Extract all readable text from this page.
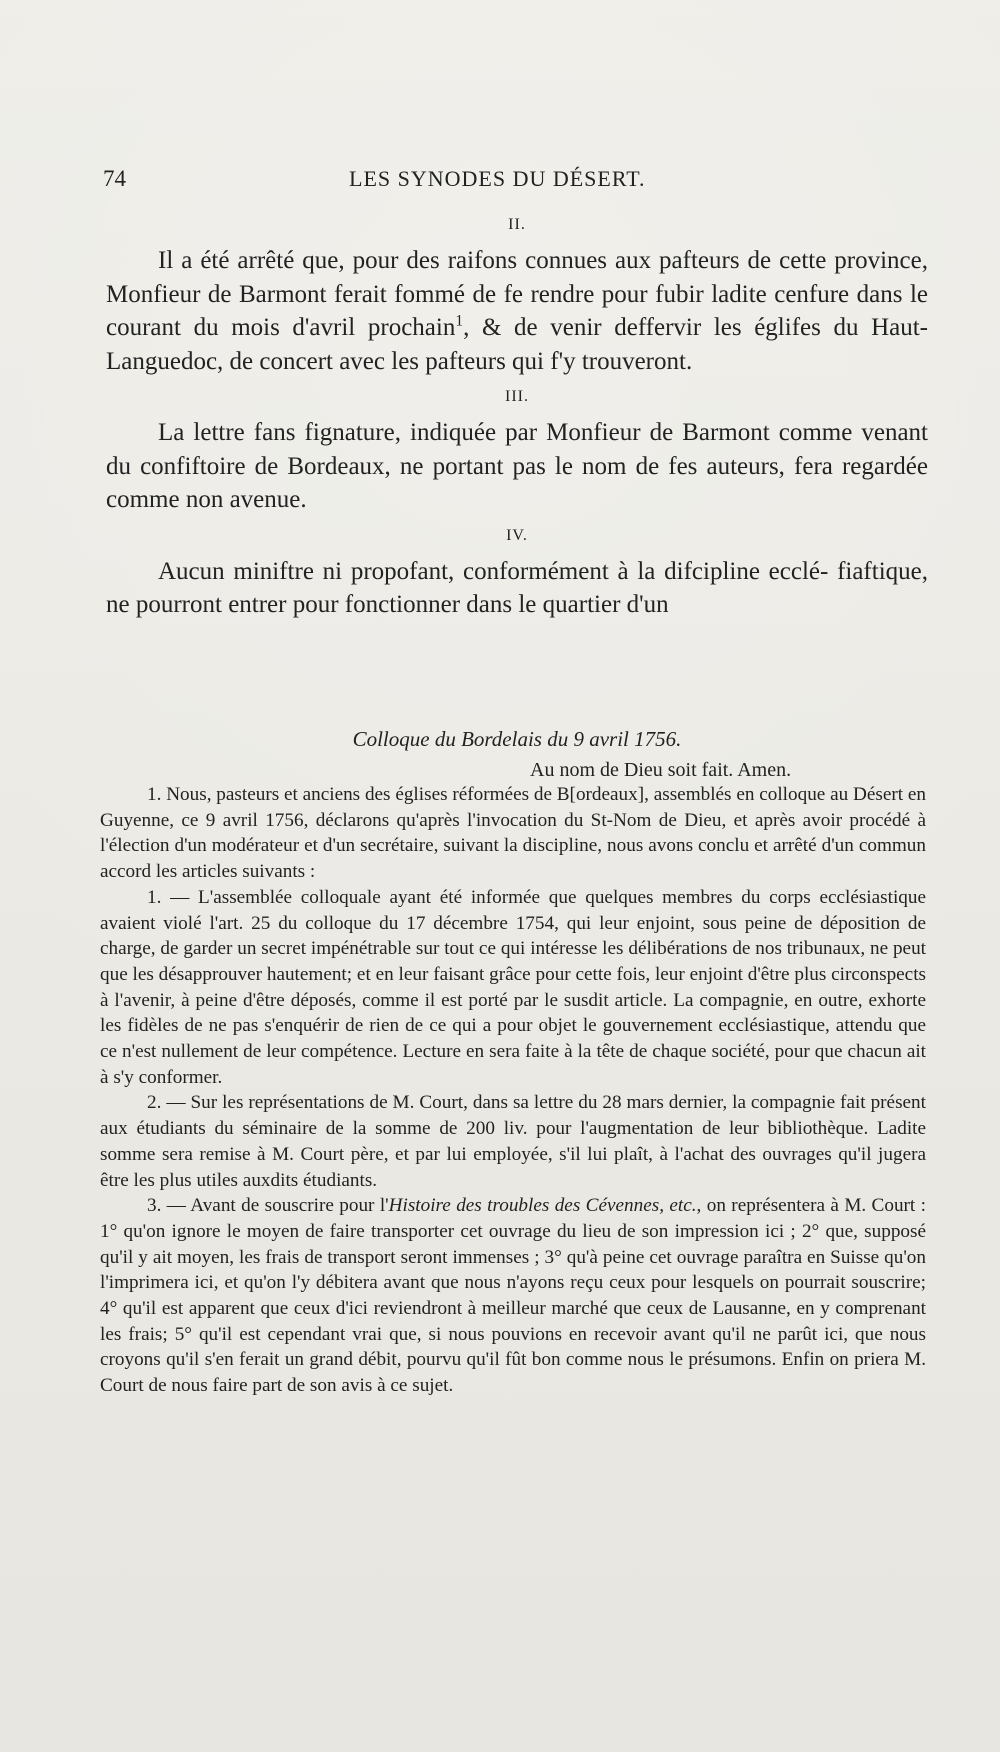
74	LES SYNODES DU DÉSERT.
II.

Il a été arrêté que, pour des raifons connues aux pafteurs de cette province, Monfieur de Barmont ferait fommé de fe rendre pour fubir ladite cenfure dans le courant du mois d'avril prochain$^1$, & de venir deffervir les églifes du Haut-Languedoc, de concert avec les pafteurs qui f'y trouveront.

III.

La lettre fans fignature, indiquée par Monfieur de Barmont comme venant du confiftoire de Bordeaux, ne portant pas le nom de fes auteurs, fera regardée comme non avenue.

IV.

Aucun miniftre ni propofant, conformément à la difcipline ecclé- fiaftique, ne pourront entrer pour fonctionner dans le quartier d'un

Colloque du Bordelais du 9 avril 1756.
Au nom de Dieu soit fait. Amen.

1. Nous, pasteurs et anciens des églises réformées de B[ordeaux], assemblés en colloque au Désert en Guyenne, ce 9 avril 1756, déclarons qu'après l'invocation du St-Nom de Dieu, et après avoir procédé à l'élection d'un modérateur et d'un secrétaire, suivant la discipline, nous avons conclu et arrêté d'un commun accord les articles suivants :

1. — L'assemblée colloquale ayant été informée que quelques membres du corps ecclésiastique avaient violé l'art. 25 du colloque du 17 décembre 1754, qui leur enjoint, sous peine de déposition de charge, de garder un secret impénétrable sur tout ce qui intéresse les délibérations de nos tribunaux, ne peut que les désapprouver hautement; et en leur faisant grâce pour cette fois, leur enjoint d'être plus circonspects à l'avenir, à peine d'être déposés, comme il est porté par le susdit article. La compagnie, en outre, exhorte les fidèles de ne pas s'enquérir de rien de ce qui a pour objet le gouvernement ecclésiastique, attendu que ce n'est nullement de leur compétence. Lecture en sera faite à la tête de chaque société, pour que chacun ait à s'y conformer.

2. — Sur les représentations de M. Court, dans sa lettre du 28 mars dernier, la compagnie fait présent aux étudiants du séminaire de la somme de 200 liv. pour l'augmentation de leur bibliothèque. Ladite somme sera remise à M. Court père, et par lui employée, s'il lui plaît, à l'achat des ouvrages qu'il jugera être les plus utiles auxdits étudiants.

3. — Avant de souscrire pour l'Histoire des troubles des Cévennes, etc., on représentera à M. Court : 1° qu'on ignore le moyen de faire transporter cet ouvrage du lieu de son impression ici ; 2° que, supposé qu'il y ait moyen, les frais de transport seront immenses ; 3° qu'à peine cet ouvrage paraîtra en Suisse qu'on l'imprimera ici, et qu'on l'y débitera avant que nous n'ayons reçu ceux pour lesquels on pourrait souscrire; 4° qu'il est apparent que ceux d'ici reviendront à meilleur marché que ceux de Lausanne, en y comprenant les frais; 5° qu'il est cependant vrai que, si nous pouvions en recevoir avant qu'il ne parût ici, que nous croyons qu'il s'en ferait un grand débit, pourvu qu'il fût bon comme nous le présumons. Enfin on priera M. Court de nous faire part de son avis à ce sujet.
